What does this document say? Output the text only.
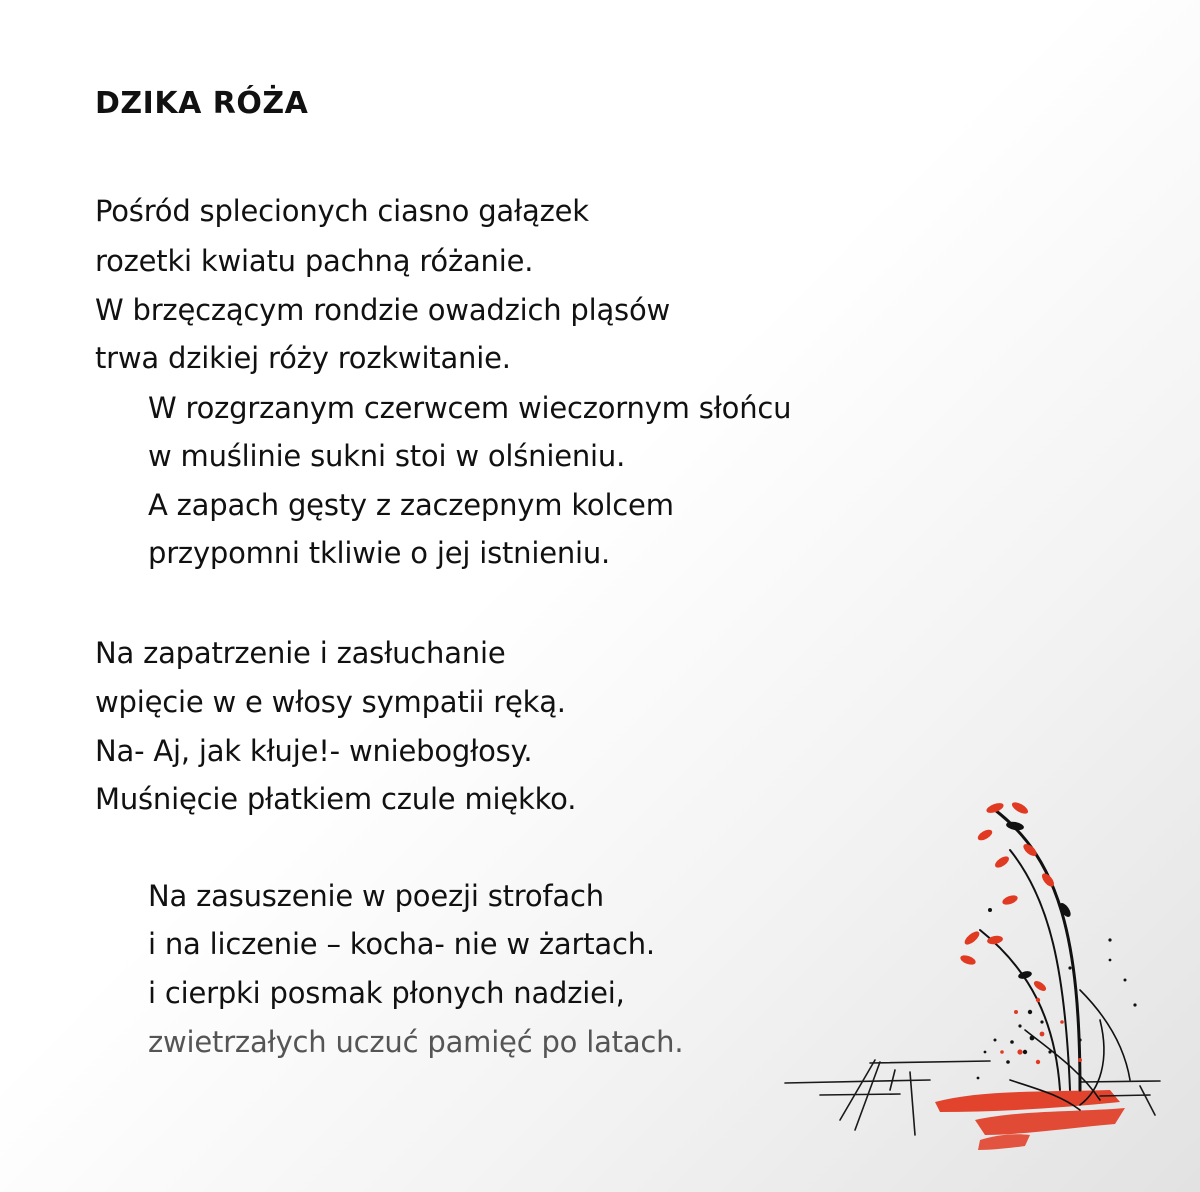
DZIKA RÓŻA

Pośród splecionych ciasno gałązek

rozetki kwiatu pachną różanie.

W brzęczącym rondzie owadzich pląsów

trwa dzikiej róży rozkwitanie.

W rozgrzanym czerwcem wieczornym słońcu

w muślinie sukni stoi w olśnieniu.

A zapach gęsty z zaczepnym kolcem

przypomni tkliwie o jej istnieniu.

Na zapatrzenie i zasłuchanie

wpięcie w e włosy sympatii ręką.

Na- Aj, jak kłuje!- wniebogłosy.

Muśnięcie płatkiem czule miękko.

Na zasuszenie w poezji strofach

i na liczenie – kocha- nie w żartach.

i cierpki posmak płonych nadziei,

zwietrzałych uczuć pamięć po latach.
